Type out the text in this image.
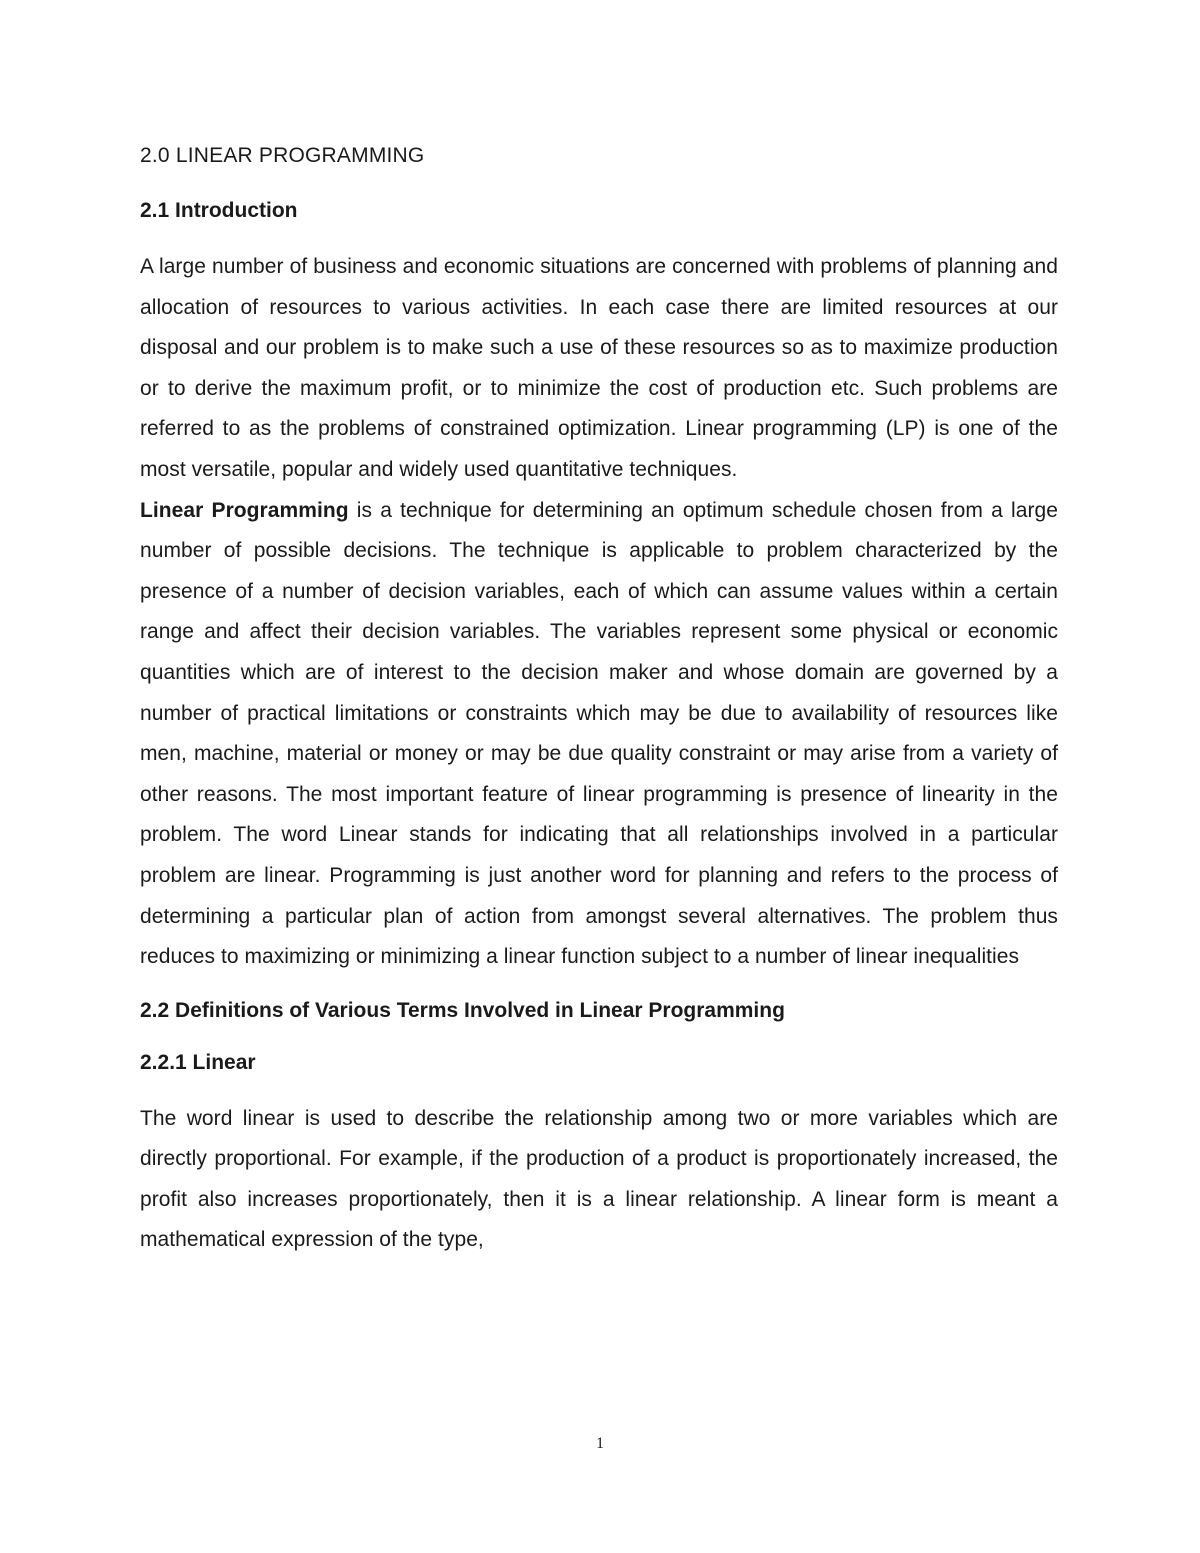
2.0 LINEAR PROGRAMMING
2.1 Introduction

A large number of business and economic situations are concerned with problems of planning and allocation of resources to various activities. In each case there are limited resources at our disposal and our problem is to make such a use of these resources so as to maximize production or to derive the maximum profit, or to minimize the cost of production etc. Such problems are referred to as the problems of constrained optimization. Linear programming (LP) is one of the most versatile, popular and widely used quantitative techniques.

Linear Programming is a technique for determining an optimum schedule chosen from a large number of possible decisions. The technique is applicable to problem characterized by the presence of a number of decision variables, each of which can assume values within a certain range and affect their decision variables. The variables represent some physical or economic quantities which are of interest to the decision maker and whose domain are governed by a number of practical limitations or constraints which may be due to availability of resources like men, machine, material or money or may be due quality constraint or may arise from a variety of other reasons. The most important feature of linear programming is presence of linearity in the problem. The word Linear stands for indicating that all relationships involved in a particular problem are linear. Programming is just another word for planning and refers to the process of determining a particular plan of action from amongst several alternatives. The problem thus reduces to maximizing or minimizing a linear function subject to a number of linear inequalities

2.2 Definitions of Various Terms Involved in Linear Programming
2.2.1 Linear

The word linear is used to describe the relationship among two or more variables which are directly proportional. For example, if the production of a product is proportionately increased, the profit also increases proportionately, then it is a linear relationship. A linear form is meant a mathematical expression of the type,

1
